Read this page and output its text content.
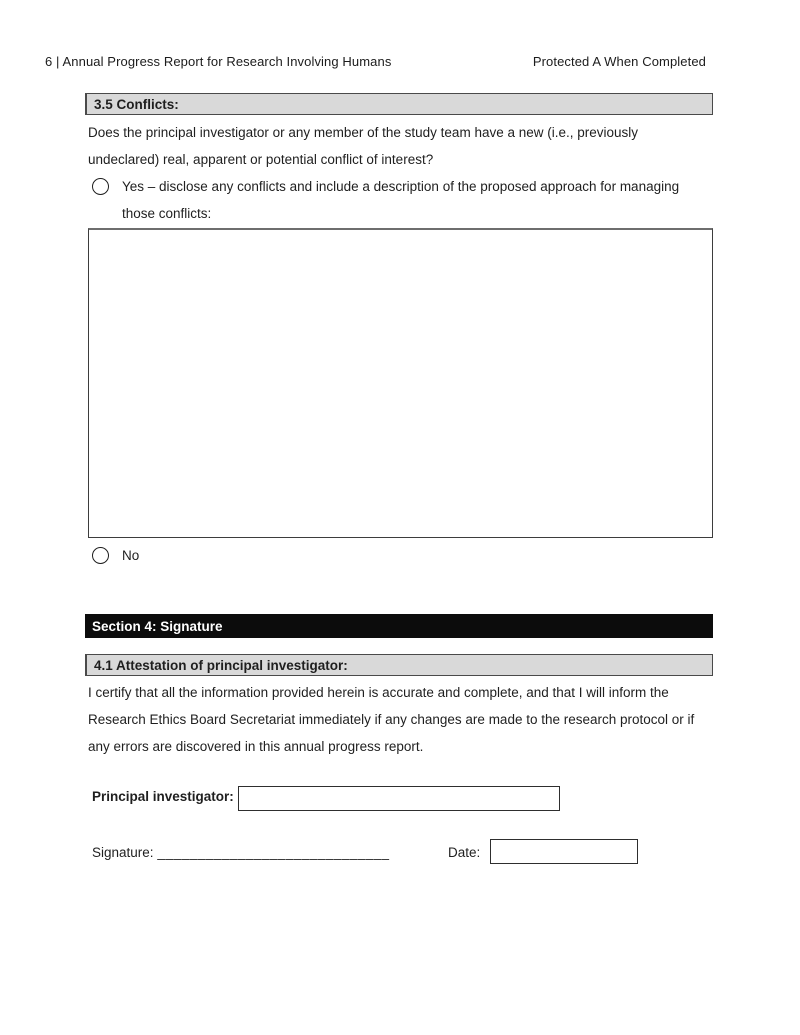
6 | Annual Progress Report for Research Involving Humans	Protected A When Completed
3.5 Conflicts:
Does the principal investigator or any member of the study team have a new (i.e., previously undeclared) real, apparent or potential conflict of interest?
Yes – disclose any conflicts and include a description of the proposed approach for managing those conflicts:
No
Section 4: Signature
4.1 Attestation of principal investigator:
I certify that all the information provided herein is accurate and complete, and that I will inform the Research Ethics Board Secretariat immediately if any changes are made to the research protocol or if any errors are discovered in this annual progress report.
Principal investigator:
Signature: _____________________________	Date:
